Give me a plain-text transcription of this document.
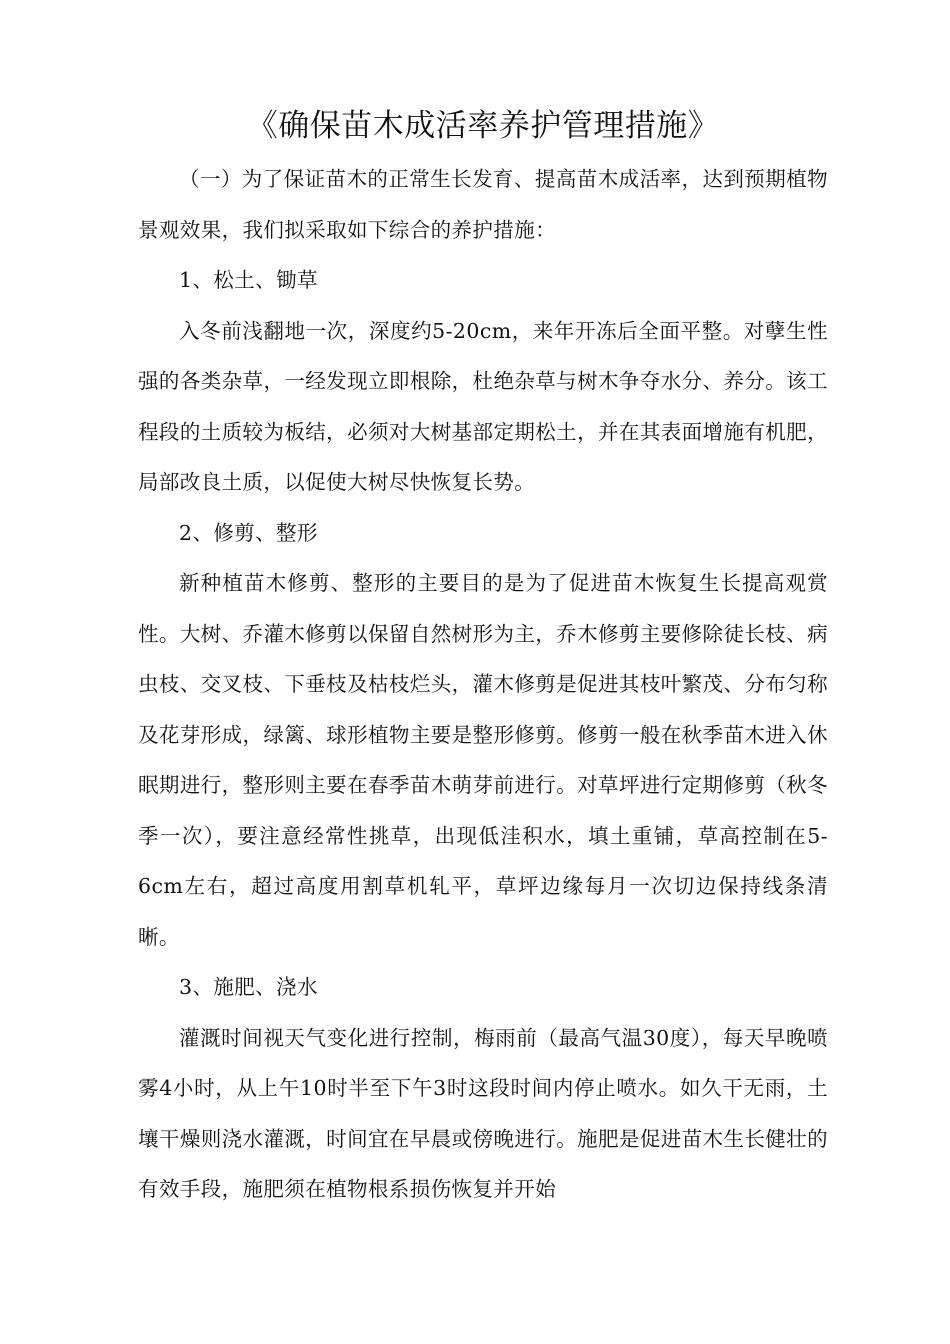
《确保苗木成活率养护管理措施》

（一）为了保证苗木的正常生长发育、提高苗木成活率，达到预期植物景观效果，我们拟采取如下综合的养护措施：

1、松土、锄草

入冬前浅翻地一次，深度约5-20cm，来年开冻后全面平整。对孽生性强的各类杂草，一经发现立即根除，杜绝杂草与树木争夺水分、养分。该工程段的土质较为板结，必须对大树基部定期松土，并在其表面增施有机肥，局部改良土质，以促使大树尽快恢复长势。

2、修剪、整形

新种植苗木修剪、整形的主要目的是为了促进苗木恢复生长提高观赏性。大树、乔灌木修剪以保留自然树形为主，乔木修剪主要修除徒长枝、病虫枝、交叉枝、下垂枝及枯枝烂头，灌木修剪是促进其枝叶繁茂、分布匀称及花芽形成，绿篱、球形植物主要是整形修剪。修剪一般在秋季苗木进入休眠期进行，整形则主要在春季苗木萌芽前进行。对草坪进行定期修剪（秋冬季一次），要注意经常性挑草，出现低洼积水，填土重铺，草高控制在5-6cm左右，超过高度用割草机轧平，草坪边缘每月一次切边保持线条清晰。

3、施肥、浇水

灌溉时间视天气变化进行控制，梅雨前（最高气温30度），每天早晚喷雾4小时，从上午10时半至下午3时这段时间内停止喷水。如久干无雨，土壤干燥则浇水灌溉，时间宜在早晨或傍晚进行。施肥是促进苗木生长健壮的有效手段，施肥须在植物根系损伤恢复并开始
